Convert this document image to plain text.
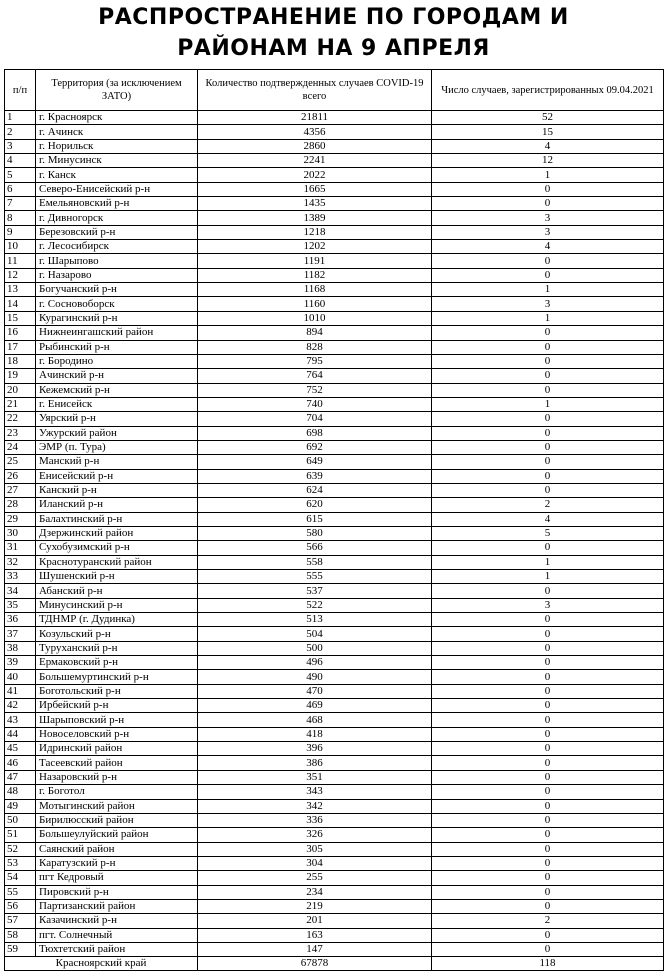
РАСПРОСТРАНЕНИЕ ПО ГОРОДАМ И
РАЙОНАМ НА 9 АПРЕЛЯ
п/п	Территория (за исключением ЗАТО)	Количество подтвержденных случаев COVID-19 всего	Число случаев, зарегистрированных 09.04.2021
1	г. Красноярск	21811	52
2	г. Ачинск	4356	15
3	г. Норильск	2860	4
4	г. Минусинск	2241	12
5	г. Канск	2022	1
6	Северо-Енисейский р-н	1665	0
7	Емельяновский р-н	1435	0
8	г. Дивногорск	1389	3
9	Березовский р-н	1218	3
10	г. Лесосибирск	1202	4
11	г. Шарыпово	1191	0
12	г. Назарово	1182	0
13	Богучанский р-н	1168	1
14	г. Сосновоборск	1160	3
15	Курагинский р-н	1010	1
16	Нижнеингашский район	894	0
17	Рыбинский р-н	828	0
18	г. Бородино	795	0
19	Ачинский р-н	764	0
20	Кежемский р-н	752	0
21	г. Енисейск	740	1
22	Уярский р-н	704	0
23	Ужурский район	698	0
24	ЭМР (п. Тура)	692	0
25	Манский р-н	649	0
26	Енисейский р-н	639	0
27	Канский р-н	624	0
28	Иланский р-н	620	2
29	Балахтинский р-н	615	4
30	Дзержинский район	580	5
31	Сухобузимский р-н	566	0
32	Краснотуранский район	558	1
33	Шушенский р-н	555	1
34	Абанский р-н	537	0
35	Минусинский р-н	522	3
36	ТДНМР (г. Дудинка)	513	0
37	Козульский р-н	504	0
38	Туруханский р-н	500	0
39	Ермаковский р-н	496	0
40	Большемуртинский р-н	490	0
41	Боготольский р-н	470	0
42	Ирбейский р-н	469	0
43	Шарыповский р-н	468	0
44	Новоселовский р-н	418	0
45	Идринский район	396	0
46	Тасеевский район	386	0
47	Назаровский р-н	351	0
48	г. Боготол	343	0
49	Мотыгинский район	342	0
50	Бирилюсский район	336	0
51	Большеулуйский район	326	0
52	Саянский район	305	0
53	Каратузский р-н	304	0
54	пгт Кедровый	255	0
55	Пировский р-н	234	0
56	Партизанский район	219	0
57	Казачинский р-н	201	2
58	пгт. Солнечный	163	0
59	Тюхтетский район	147	0
Красноярский край		67878	118
